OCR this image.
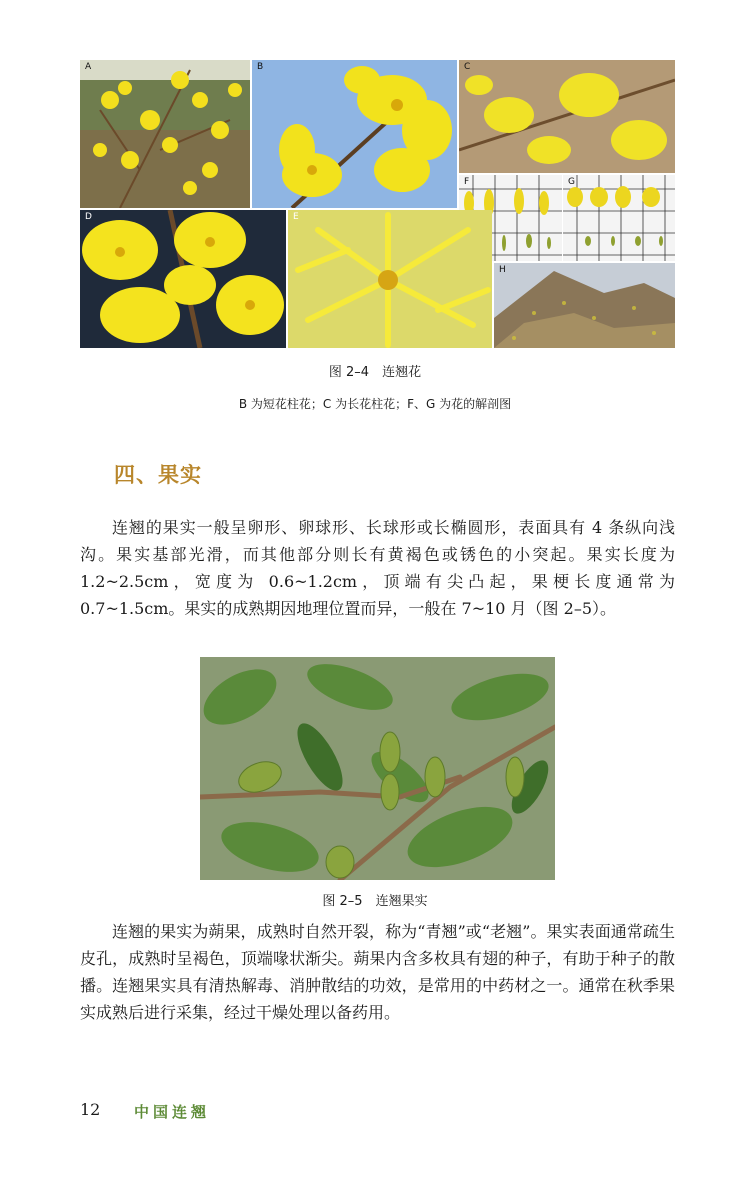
A	B	C
F	G
D	E
H
图 2–4　连翘花
B 为短花柱花；C 为长花柱花；F、G 为花的解剖图
四、果实

连翘的果实一般呈卵形、卵球形、长球形或长椭圆形，表面具有 4 条纵向浅沟。果实基部光滑，而其他部分则长有黄褐色或锈色的小突起。果实长度为 1.2~2.5cm，宽度为 0.6~1.2cm，顶端有尖凸起，果梗长度通常为 0.7~1.5cm。果实的成熟期因地理位置而异，一般在 7~10 月（图 2–5）。

图 2–5　连翘果实

连翘的果实为蒴果，成熟时自然开裂，称为“青翘”或“老翘”。果实表面通常疏生皮孔，成熟时呈褐色，顶端喙状渐尖。蒴果内含多枚具有翅的种子，有助于种子的散播。连翘果实具有清热解毒、消肿散结的功效，是常用的中药材之一。通常在秋季果实成熟后进行采集，经过干燥处理以备药用。

12 中国连翘
